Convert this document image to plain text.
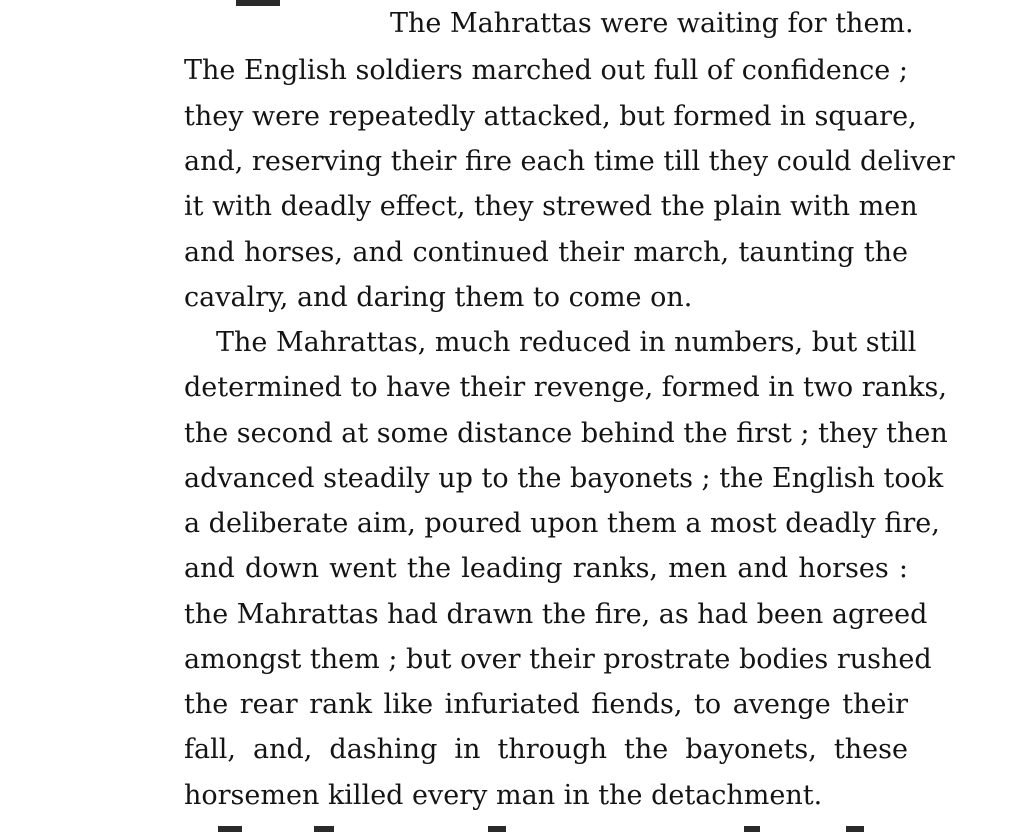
The Mahrattas were waiting for them.
The English soldiers marched out full of confidence ;
they were repeatedly attacked, but formed in square,
and, reserving their fire each time till they could deliver
it with deadly effect, they strewed the plain with men
and horses, and continued their march, taunting the
cavalry, and daring them to come on.
The Mahrattas, much reduced in numbers, but still
determined to have their revenge, formed in two ranks,
the second at some distance behind the first ; they then
advanced steadily up to the bayonets ; the English took
a deliberate aim, poured upon them a most deadly fire,
and down went the leading ranks, men and horses :
the Mahrattas had drawn the fire, as had been agreed
amongst them ; but over their prostrate bodies rushed
the rear rank like infuriated fiends, to avenge their
fall, and, dashing in through the bayonets, these
horsemen killed every man in the detachment.
